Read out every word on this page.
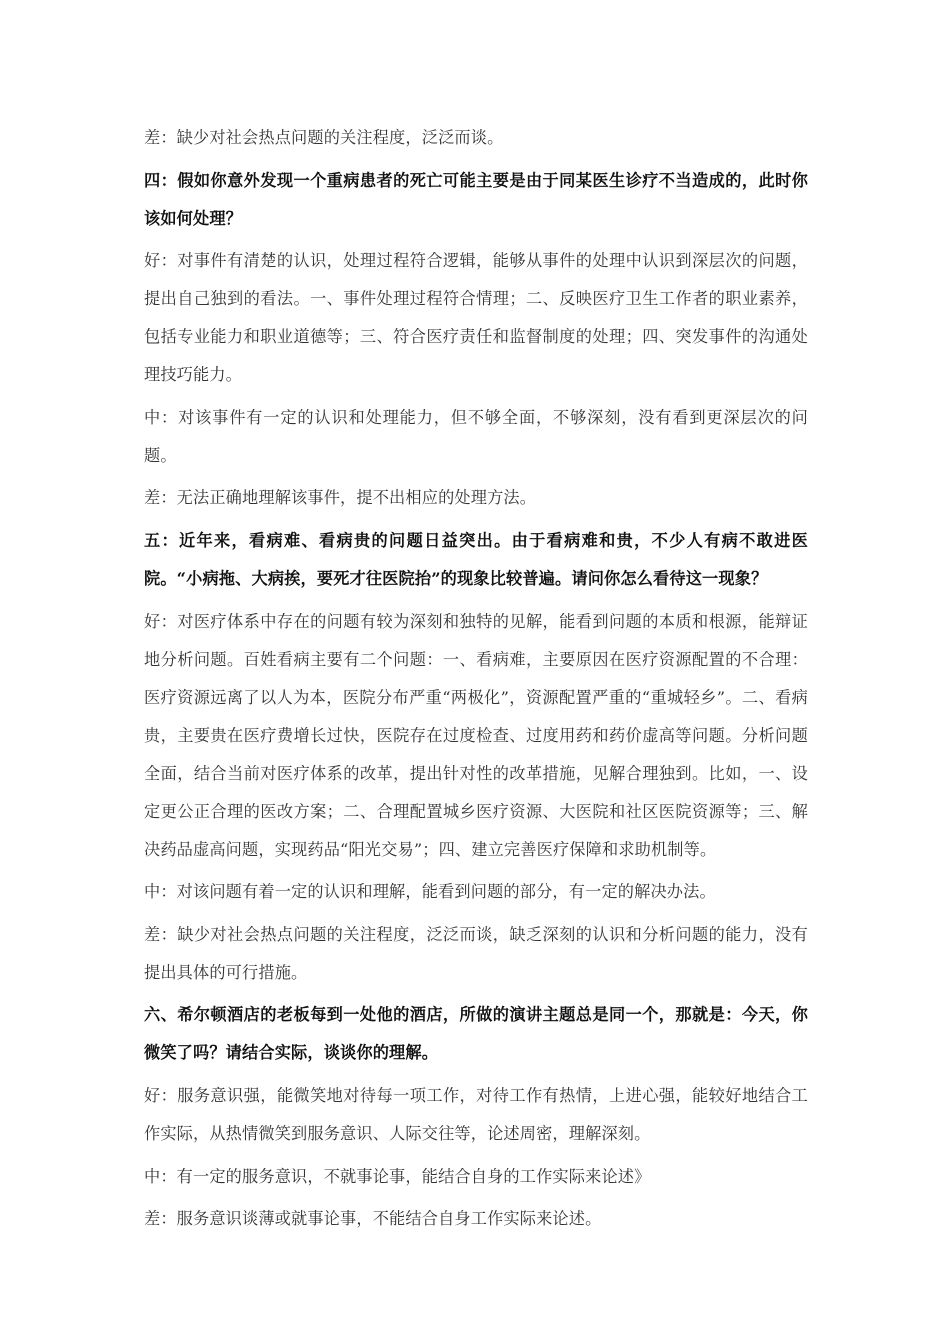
差：缺少对社会热点问题的关注程度，泛泛而谈。

四：假如你意外发现一个重病患者的死亡可能主要是由于同某医生诊疗不当造成的，此时你该如何处理？

好：对事件有清楚的认识，处理过程符合逻辑，能够从事件的处理中认识到深层次的问题，提出自己独到的看法。一、事件处理过程符合情理；二、反映医疗卫生工作者的职业素养，包括专业能力和职业道德等；三、符合医疗责任和监督制度的处理；四、突发事件的沟通处理技巧能力。

中：对该事件有一定的认识和处理能力，但不够全面，不够深刻，没有看到更深层次的问题。

差：无法正确地理解该事件，提不出相应的处理方法。

五：近年来，看病难、看病贵的问题日益突出。由于看病难和贵，不少人有病不敢进医院。“小病拖、大病挨，要死才往医院抬”的现象比较普遍。请问你怎么看待这一现象？

好：对医疗体系中存在的问题有较为深刻和独特的见解，能看到问题的本质和根源，能辩证地分析问题。百姓看病主要有二个问题：一、看病难，主要原因在医疗资源配置的不合理：医疗资源远离了以人为本，医院分布严重“两极化”，资源配置严重的“重城轻乡”。二、看病贵，主要贵在医疗费增长过快，医院存在过度检查、过度用药和药价虚高等问题。分析问题全面，结合当前对医疗体系的改革，提出针对性的改革措施，见解合理独到。比如，一、设定更公正合理的医改方案；二、合理配置城乡医疗资源、大医院和社区医院资源等；三、解决药品虚高问题，实现药品“阳光交易”；四、建立完善医疗保障和求助机制等。

中：对该问题有着一定的认识和理解，能看到问题的部分，有一定的解决办法。

差：缺少对社会热点问题的关注程度，泛泛而谈，缺乏深刻的认识和分析问题的能力，没有提出具体的可行措施。

六、希尔顿酒店的老板每到一处他的酒店，所做的演讲主题总是同一个，那就是：今天，你微笑了吗？请结合实际，谈谈你的理解。

好：服务意识强，能微笑地对待每一项工作，对待工作有热情，上进心强，能较好地结合工作实际，从热情微笑到服务意识、人际交往等，论述周密，理解深刻。

中：有一定的服务意识，不就事论事，能结合自身的工作实际来论述》

差：服务意识谈薄或就事论事，不能结合自身工作实际来论述。
